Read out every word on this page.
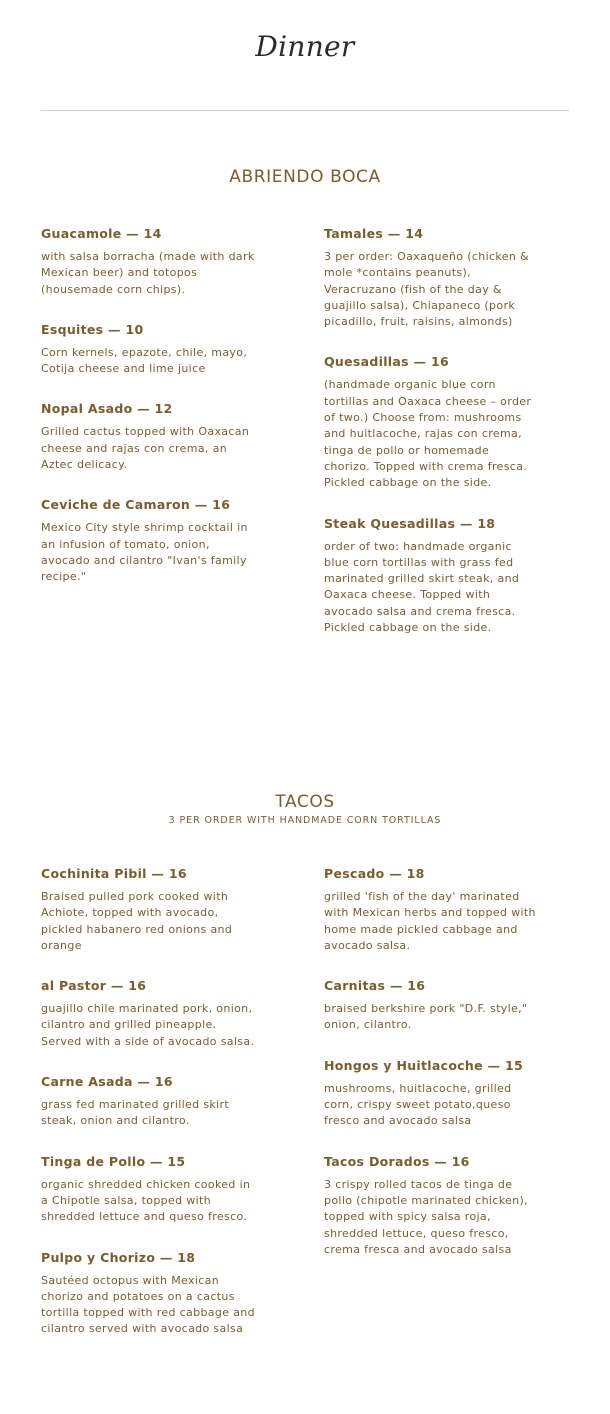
Dinner
ABRIENDO BOCA
Guacamole — 14
with salsa borracha (made with dark Mexican beer) and totopos (housemade corn chips).
Esquites — 10
Corn kernels, epazote, chile, mayo, Cotija cheese and lime juice
Nopal Asado — 12
Grilled cactus topped with Oaxacan cheese and rajas con crema, an Aztec delicacy.
Ceviche de Camaron — 16
Mexico City style shrimp cocktail in an infusion of tomato, onion, avocado and cilantro "Ivan's family recipe."
Tamales — 14
3 per order: Oaxaqueño (chicken & mole *contains peanuts), Veracruzano (fish of the day & guajillo salsa), Chiapaneco (pork picadillo, fruit, raisins, almonds)
Quesadillas — 16
(handmade organic blue corn tortillas and Oaxaca cheese – order of two.) Choose from: mushrooms and huitlacoche, rajas con crema, tinga de pollo or homemade chorizo. Topped with crema fresca. Pickled cabbage on the side.
Steak Quesadillas — 18
order of two: handmade organic blue corn tortillas with grass fed marinated grilled skirt steak, and Oaxaca cheese. Topped with avocado salsa and crema fresca. Pickled cabbage on the side.
TACOS
3 PER ORDER WITH HANDMADE CORN TORTILLAS
Cochinita Pibil — 16
Braised pulled pork cooked with Achiote, topped with avocado, pickled habanero red onions and orange
al Pastor — 16
guajillo chile marinated pork, onion, cilantro and grilled pineapple. Served with a side of avocado salsa.
Carne Asada — 16
grass fed marinated grilled skirt steak, onion and cilantro.
Tinga de Pollo — 15
organic shredded chicken cooked in a Chipotle salsa, topped with shredded lettuce and queso fresco.
Pulpo y Chorizo — 18
Sautéed octopus with Mexican chorizo and potatoes on a cactus tortilla topped with red cabbage and cilantro served with avocado salsa
Pescado — 18
grilled 'fish of the day' marinated with Mexican herbs and topped with home made pickled cabbage and avocado salsa.
Carnitas — 16
braised berkshire pork "D.F. style," onion, cilantro.
Hongos y Huitlacoche — 15
mushrooms, huitlacoche, grilled corn, crispy sweet potato,queso fresco and avocado salsa
Tacos Dorados — 16
3 crispy rolled tacos de tinga de pollo (chipotle marinated chicken), topped with spicy salsa roja, shredded lettuce, queso fresco, crema fresca and avocado salsa
